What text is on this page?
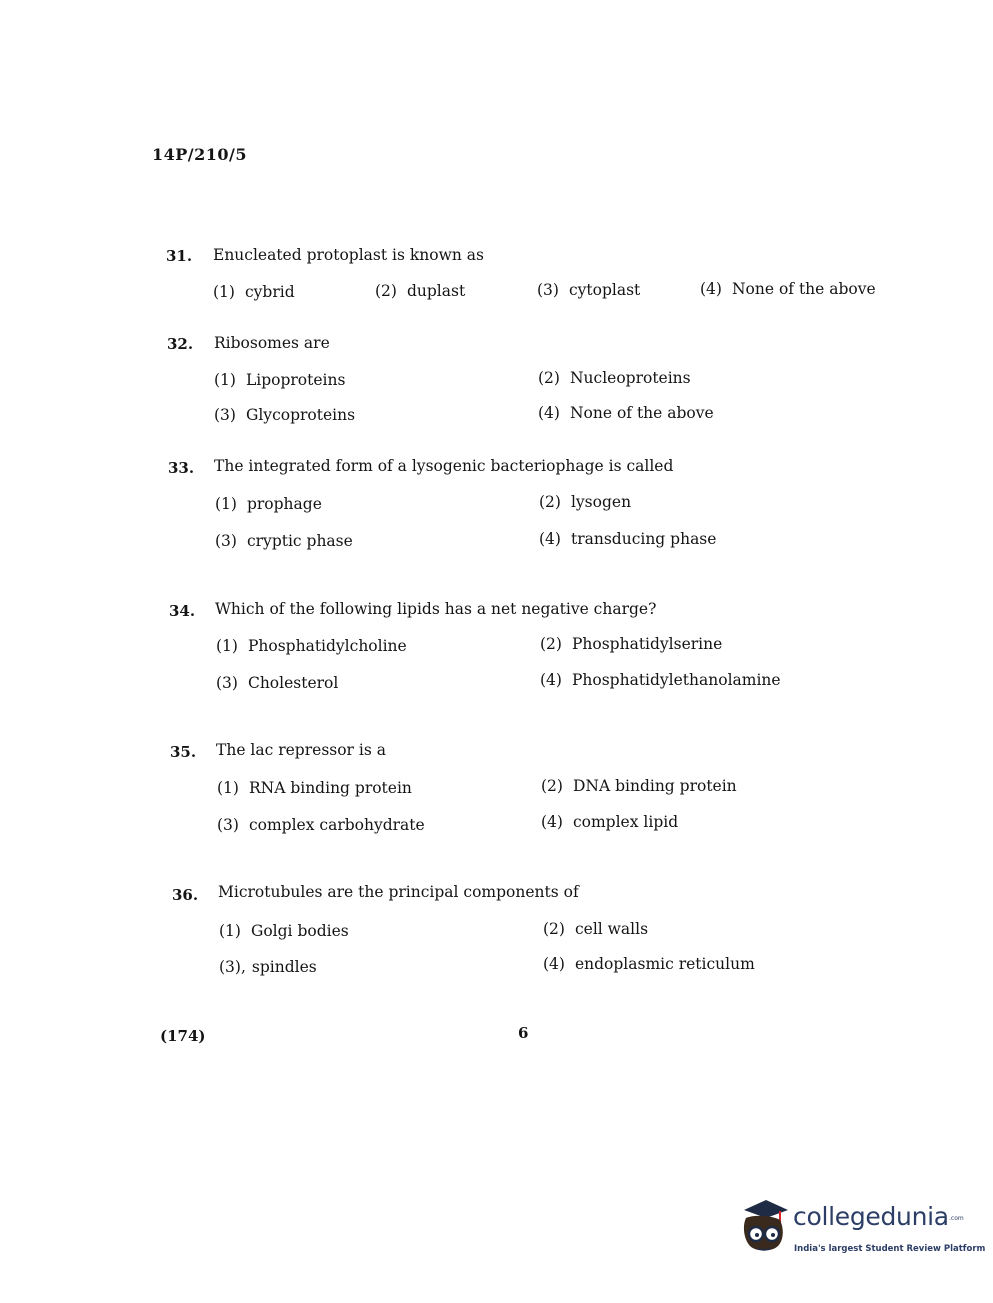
14P/210/5
31. Enucleated protoplast is known as
(1) cybrid	(2) duplast	(3) cytoplast	(4) None of the above
32. Ribosomes are
(1) Lipoproteins	(2) Nucleoproteins
(3) Glycoproteins	(4) None of the above
33. The integrated form of a lysogenic bacteriophage is called
(1) prophage	(2) lysogen
(3) cryptic phase	(4) transducing phase
34. Which of the following lipids has a net negative charge?
(1) Phosphatidylcholine	(2) Phosphatidylserine
(3) Cholesterol	(4) Phosphatidylethanolamine
35. The lac repressor is a
(1) RNA binding protein	(2) DNA binding protein
(3) complex carbohydrate	(4) complex lipid
36. Microtubules are the principal components of
(1) Golgi bodies	(2) cell walls
(3), spindles	(4) endoplasmic reticulum
(174)	6
collegedunia .com
India's largest Student Review Platform
